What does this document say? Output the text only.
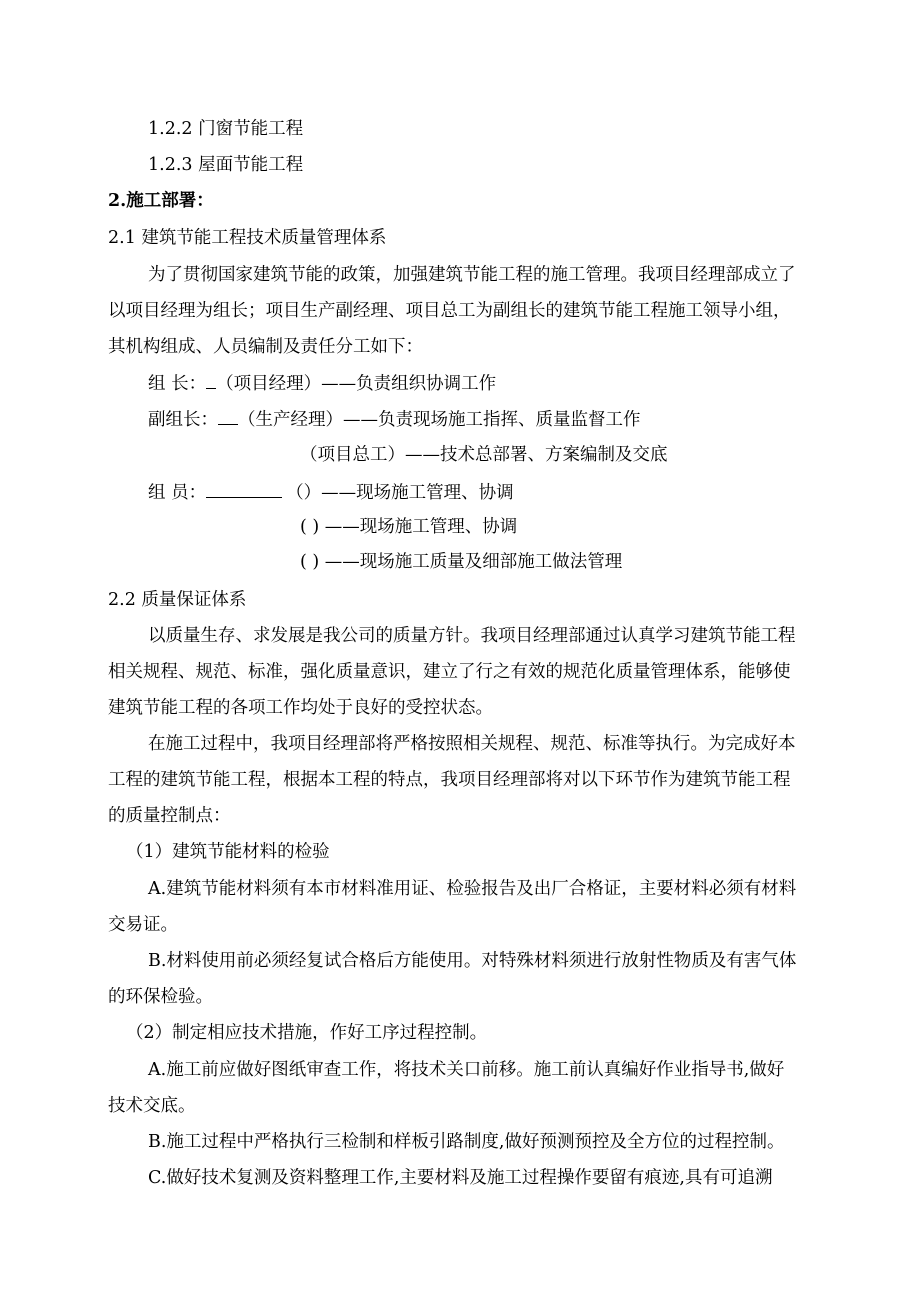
1.2.2 门窗节能工程
1.2.3 屋面节能工程
2.施工部署：
2.1 建筑节能工程技术质量管理体系
为了贯彻国家建筑节能的政策，加强建筑节能工程的施工管理。我项目经理部成立了
以项目经理为组长；项目生产副经理、项目总工为副组长的建筑节能工程施工领导小组，
其机构组成、人员编制及责任分工如下：
组 长： （项目经理）——负责组织协调工作
副组长： （生产经理）——负责现场施工指挥、质量监督工作
（项目总工）——技术总部署、方案编制及交底
组 员：	（）——现场施工管理、协调
( ) ——现场施工管理、协调
( ) ——现场施工质量及细部施工做法管理
2.2 质量保证体系
以质量生存、求发展是我公司的质量方针。我项目经理部通过认真学习建筑节能工程
相关规程、规范、标准，强化质量意识，建立了行之有效的规范化质量管理体系，能够使
建筑节能工程的各项工作均处于良好的受控状态。
在施工过程中，我项目经理部将严格按照相关规程、规范、标准等执行。为完成好本
工程的建筑节能工程，根据本工程的特点，我项目经理部将对以下环节作为建筑节能工程
的质量控制点：
（1）建筑节能材料的检验
A.建筑节能材料须有本市材料准用证、检验报告及出厂合格证，主要材料必须有材料
交易证。
B.材料使用前必须经复试合格后方能使用。对特殊材料须进行放射性物质及有害气体
的环保检验。
（2）制定相应技术措施，作好工序过程控制。
A.施工前应做好图纸审查工作，将技术关口前移。施工前认真编好作业指导书,做好
技术交底。
B.施工过程中严格执行三检制和样板引路制度,做好预测预控及全方位的过程控制。
C.做好技术复测及资料整理工作,主要材料及施工过程操作要留有痕迹,具有可追溯
